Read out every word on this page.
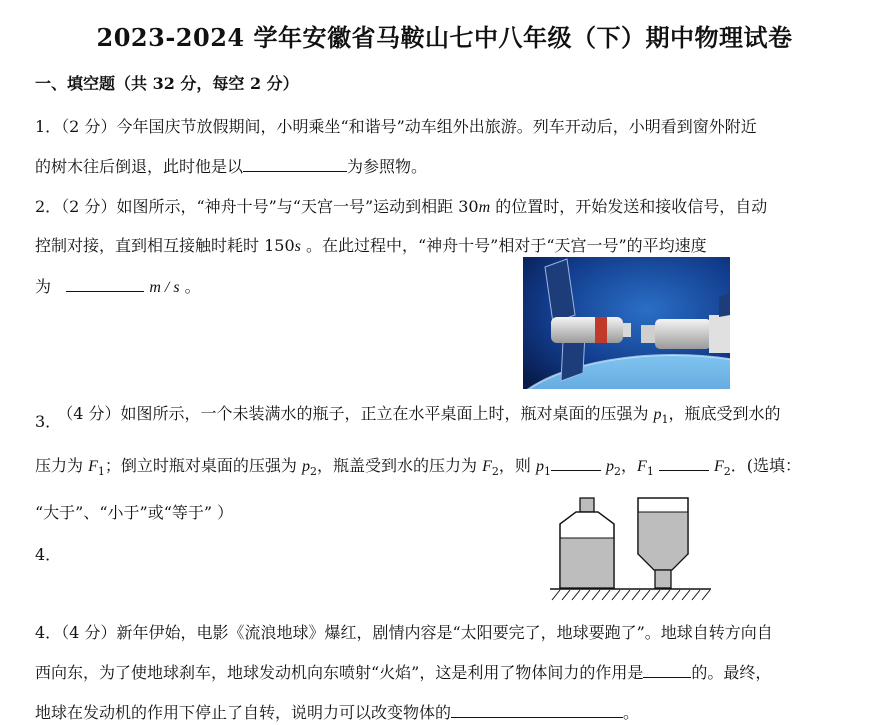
2023-2024 学年安徽省马鞍山七中八年级（下）期中物理试卷
一、填空题（共 32 分，每空 2 分）
1．（2 分）今年国庆节放假期间，小明乘坐“和谐号”动车组外出旅游。列车开动后，小明看到窗外附近
的树木往后倒退，此时他是以	为参照物。
2．（2 分）如图所示，“神舟十号”与“天宫一号”运动到相距 30m 的位置时，开始发送和接收信号，自动
控制对接，直到相互接触时耗时 150s 。在此过程中，“神舟十号”相对于“天宫一号”的平均速度
为	m / s 。
3． （4 分）如图所示，一个未装满水的瓶子，正立在水平桌面上时，瓶对桌面的压强为 $p_1$，瓶底受到水的
压力为 $F_1$；倒立时瓶对桌面的压强为 $p_2$，瓶盖受到水的压力为 $F_2$，则 $p_1$	$p_2$，$F_1$	$F_2$．(选填：
“大于”、“小于”或“等于” ）
4．
4．（4 分）新年伊始，电影《流浪地球》爆红，剧情内容是“太阳要完了，地球要跑了”。地球自转方向自
西向东，为了使地球刹车，地球发动机向东喷射“火焰”，这是利用了物体间力的作用是	的。最终，
地球在发动机的作用下停止了自转，说明力可以改变物体的	。
